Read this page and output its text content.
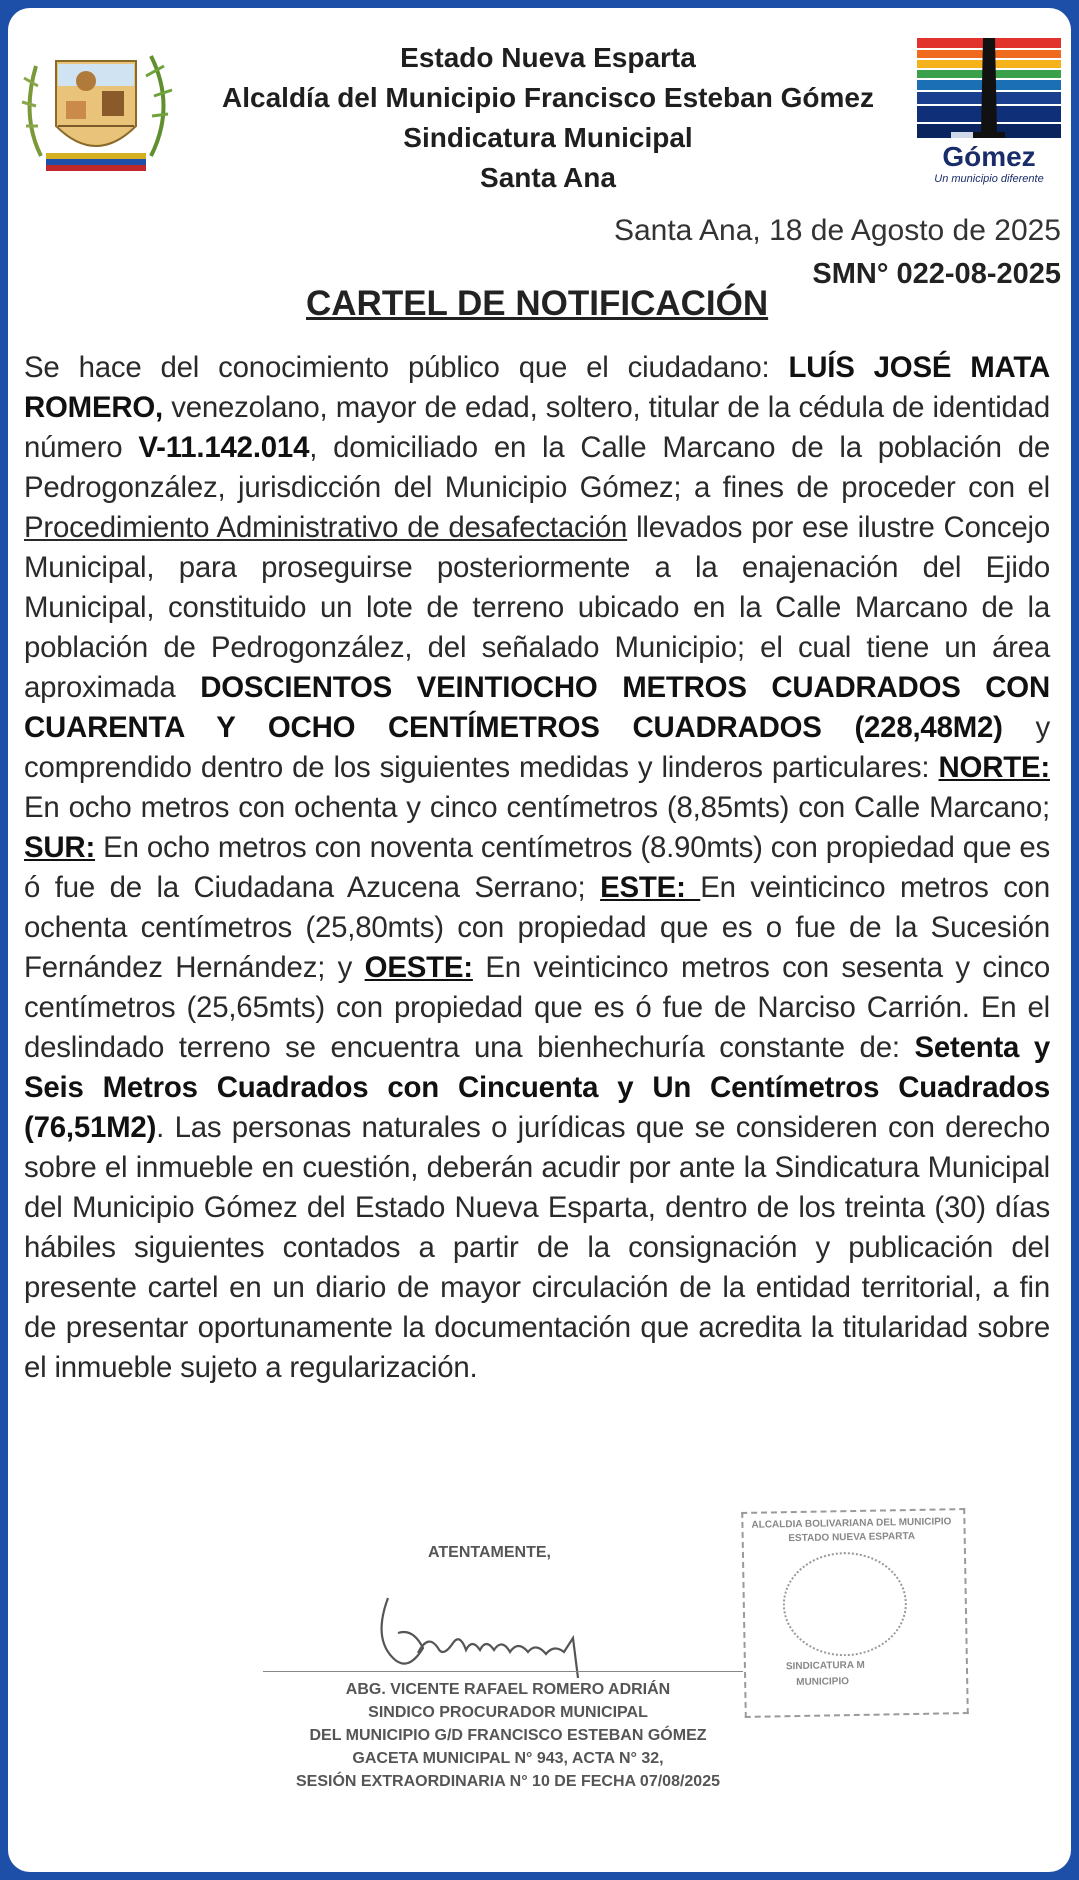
Estado Nueva Esparta
Alcaldía del Municipio Francisco Esteban Gómez
Sindicatura Municipal
Santa Ana
Gómez
Un municipio diferente
Santa Ana, 18 de Agosto de 2025
SMN° 022-08-2025
CARTEL DE NOTIFICACIÓN
Se hace del conocimiento público que el ciudadano: LUÍS JOSÉ MATA ROMERO, venezolano, mayor de edad, soltero, titular de la cédula de identidad número V-11.142.014, domiciliado en la Calle Marcano de la población de Pedrogonzález, jurisdicción del Municipio Gómez; a fines de proceder con el Procedimiento Administrativo de desafectación llevados por ese ilustre Concejo Municipal, para proseguirse posteriormente a la enajenación del Ejido Municipal, constituido un lote de terreno ubicado en la Calle Marcano de la población de Pedrogonzález, del señalado Municipio; el cual tiene un área aproximada DOSCIENTOS VEINTIOCHO METROS CUADRADOS CON CUARENTA Y OCHO CENTÍMETROS CUADRADOS (228,48M2) y comprendido dentro de los siguientes medidas y linderos particulares: NORTE: En ocho metros con ochenta y cinco centímetros (8,85mts) con Calle Marcano; SUR: En ocho metros con noventa centímetros (8.90mts) con propiedad que es ó fue de la Ciudadana Azucena Serrano; ESTE: En veinticinco metros con ochenta centímetros (25,80mts) con propiedad que es o fue de la Sucesión Fernández Hernández; y OESTE: En veinticinco metros con sesenta y cinco centímetros (25,65mts) con propiedad que es ó fue de Narciso Carrión. En el deslindado terreno se encuentra una bienhechuría constante de: Setenta y Seis Metros Cuadrados con Cincuenta y Un Centímetros Cuadrados (76,51M2). Las personas naturales o jurídicas que se consideren con derecho sobre el inmueble en cuestión, deberán acudir por ante la Sindicatura Municipal del Municipio Gómez del Estado Nueva Esparta, dentro de los treinta (30) días hábiles siguientes contados a partir de la consignación y publicación del presente cartel en un diario de mayor circulación de la entidad territorial, a fin de presentar oportunamente la documentación que acredita la titularidad sobre el inmueble sujeto a regularización.
ATENTAMENTE,
ABG. VICENTE RAFAEL ROMERO ADRIÁN
SINDICO PROCURADOR MUNICIPAL
DEL MUNICIPIO G/D FRANCISCO ESTEBAN GÓMEZ
GACETA MUNICIPAL N° 943, ACTA N° 32,
SESIÓN EXTRAORDINARIA N° 10 DE FECHA 07/08/2025
ALCALDIA BOLIVARIANA DEL MUNICIPIO
ESTADO NUEVA ESPARTA
SINDICATURA M
MUNICIPIO
